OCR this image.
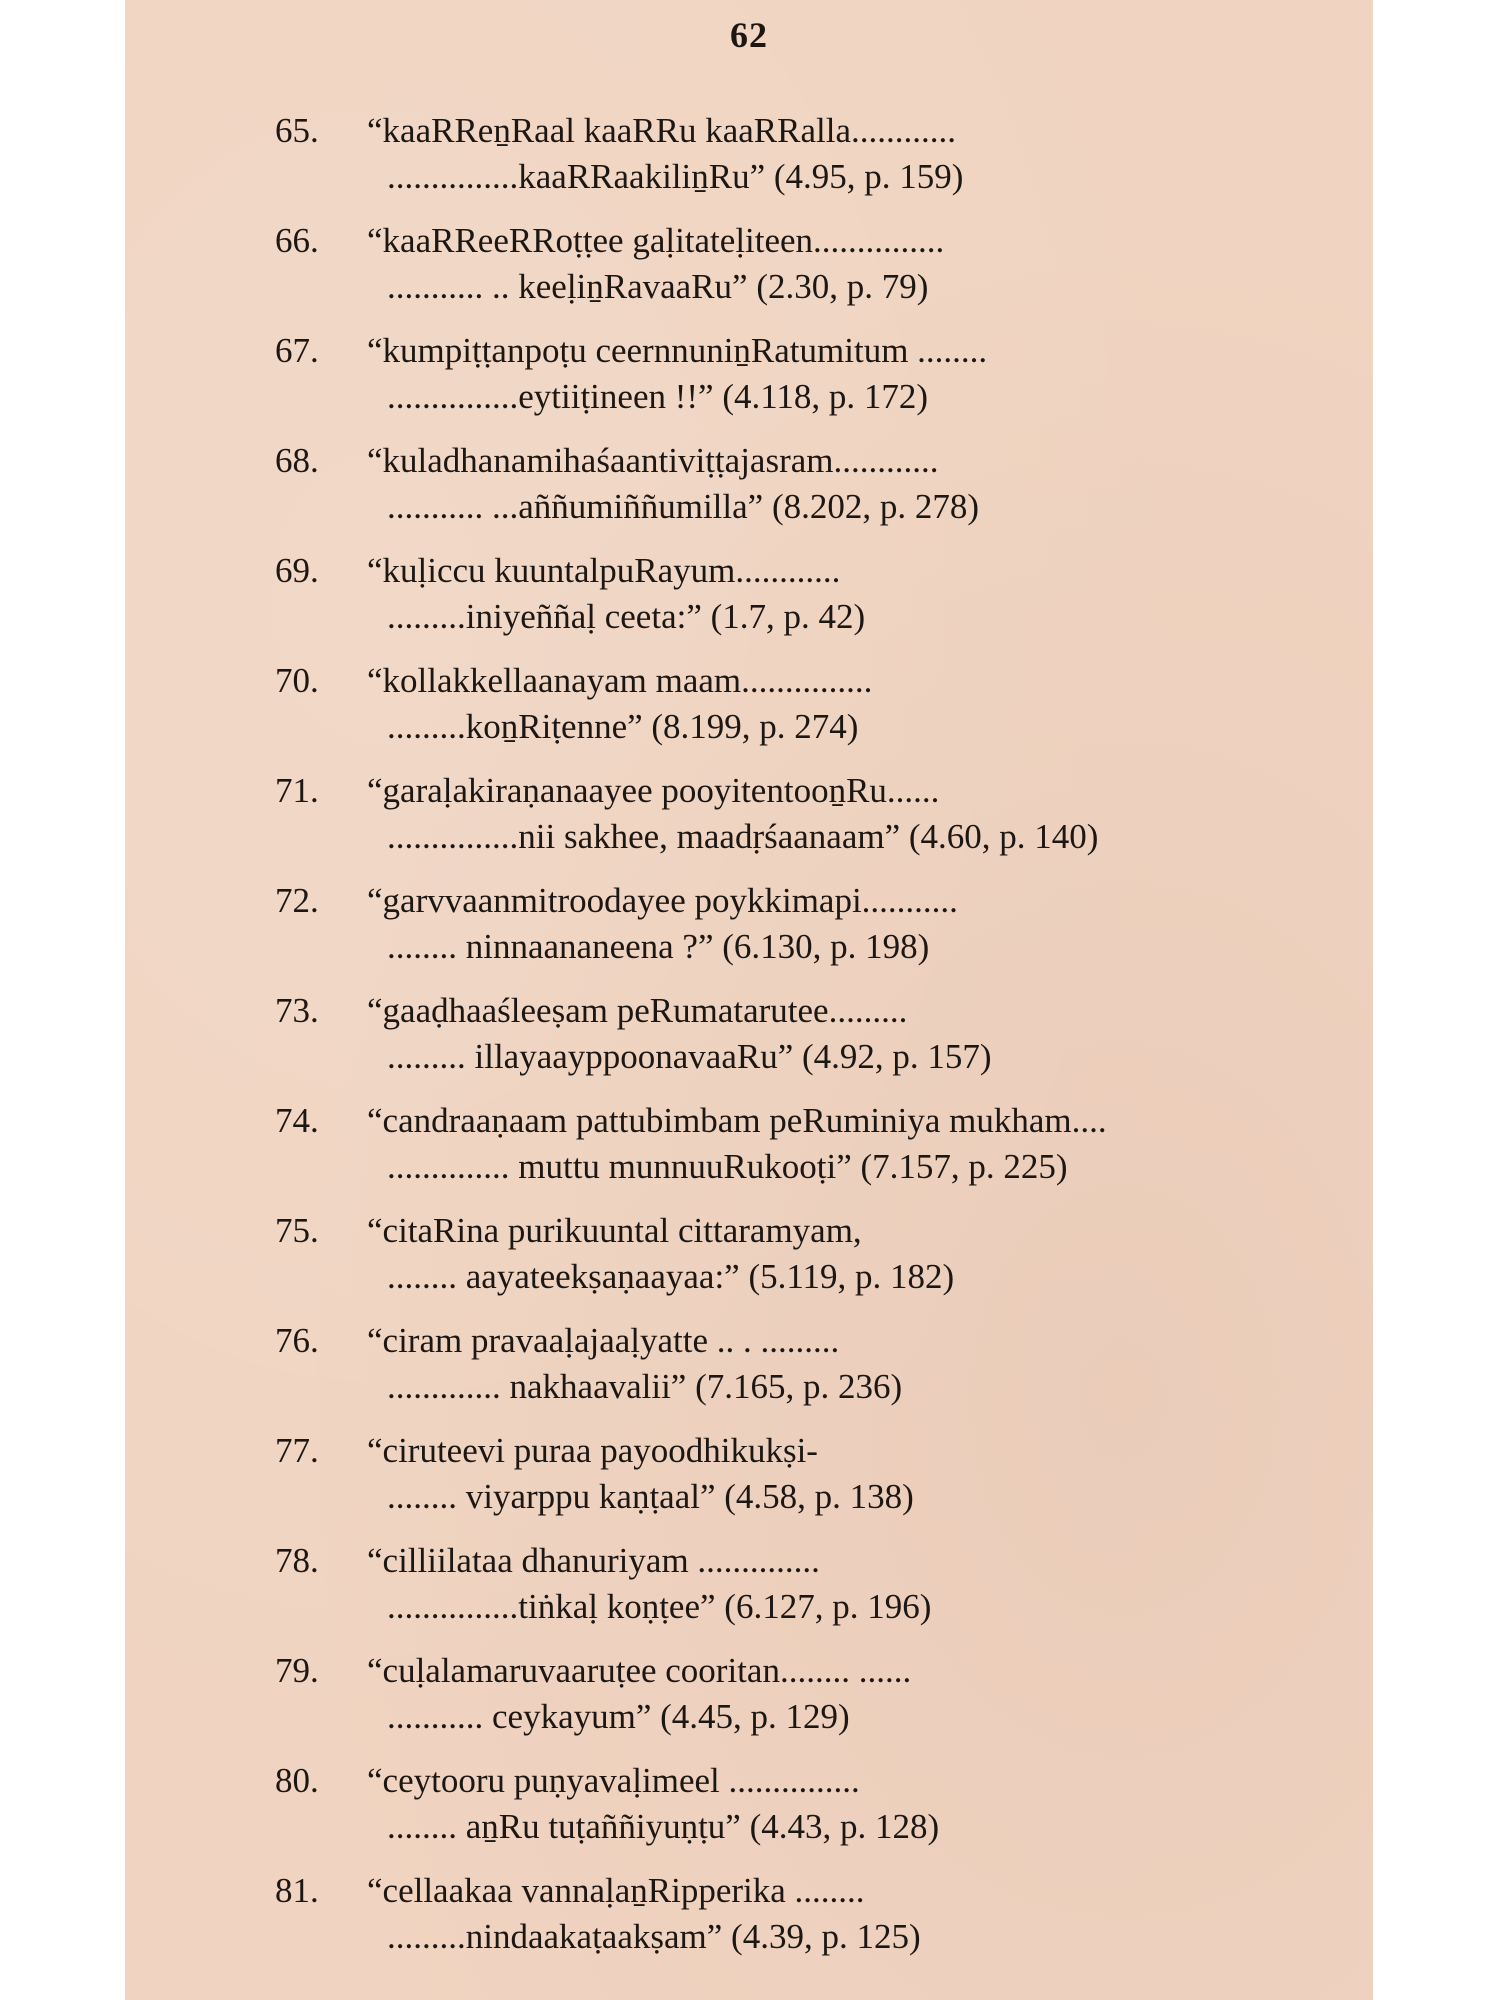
62
65. “kaaRReṉRaal kaaRRu kaaRRalla............
...............kaaRRaakiliṉRu” (4.95, p. 159)
66. “kaaRReeRRoṭṭee gaḷitateḷiteen...............
........... .. keeḷiṉRavaaRu” (2.30, p. 79)
67. “kumpiṭṭanpoṭu ceernnuniṉRatumitum ........
...............eytiiṭineen !!” (4.118, p. 172)
68. “kuladhanamihaśaantiviṭṭajasram............
........... ...aññumiññumilla” (8.202, p. 278)
69. “kuḷiccu kuuntalpuRayum............
.........iniyeññaḷ ceeta:” (1.7, p. 42)
70. “kollakkellaanayam maam...............
.........koṉRiṭenne” (8.199, p. 274)
71. “garaḷakiraṇanaayee pooyitentooṉRu......
...............nii sakhee, maadṛśaanaam” (4.60, p. 140)
72. “garvvaanmitroodayee poykkimapi...........
........ ninnaananeena ?” (6.130, p. 198)
73. “gaaḍhaaśleeṣam peRumatarutee.........
......... illayaayppoonavaaRu” (4.92, p. 157)
74. “candraaṇaam pattubimbam peRuminiya mukham....
.............. muttu munnuuRukooṭi” (7.157, p. 225)
75. “citaRina purikuuntal cittaramyam,
........ aayateekṣaṇaayaa:” (5.119, p. 182)
76. “ciram pravaaḷajaaḷyatte .. . .........
............. nakhaavalii” (7.165, p. 236)
77. “ciruteevi puraa payoodhikukṣi-
........ viyarppu kaṇṭaal” (4.58, p. 138)
78. “cilliilataa dhanuriyam ..............
...............tiṅkaḷ koṇṭee” (6.127, p. 196)
79. “cuḷalamaruvaaruṭee cooritan........ ......
........... ceykayum” (4.45, p. 129)
80. “ceytooru puṇyavaḷimeel ...............
........ aṉRu tuṭaññiyuṇṭu” (4.43, p. 128)
81. “cellaakaa vannaḷaṉRipperika ........
.........nindaakaṭaakṣam” (4.39, p. 125)
